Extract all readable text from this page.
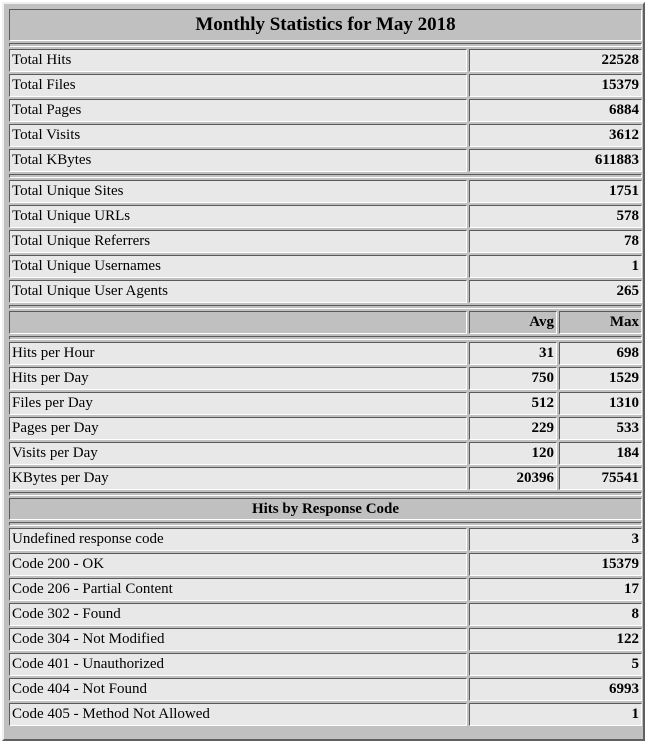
Monthly Statistics for May 2018		

Total Hits	22528	
Total Files	15379	
Total Pages	6884	
Total Visits	3612	
Total KBytes	611883	

Total Unique Sites	1751	
Total Unique URLs	578	
Total Unique Referrers	78	
Total Unique Usernames	1	
Total Unique User Agents	265	

	Avg	Max

Hits per Hour	31	698
Hits per Day	750	1529
Files per Day	512	1310
Pages per Day	229	533
Visits per Day	120	184
KBytes per Day	20396	75541

Hits by Response Code		

Undefined response code	3	
Code 200 - OK	15379	
Code 206 - Partial Content	17	
Code 302 - Found	8	
Code 304 - Not Modified	122	
Code 401 - Unauthorized	5	
Code 404 - Not Found	6993	
Code 405 - Method Not Allowed	1	
